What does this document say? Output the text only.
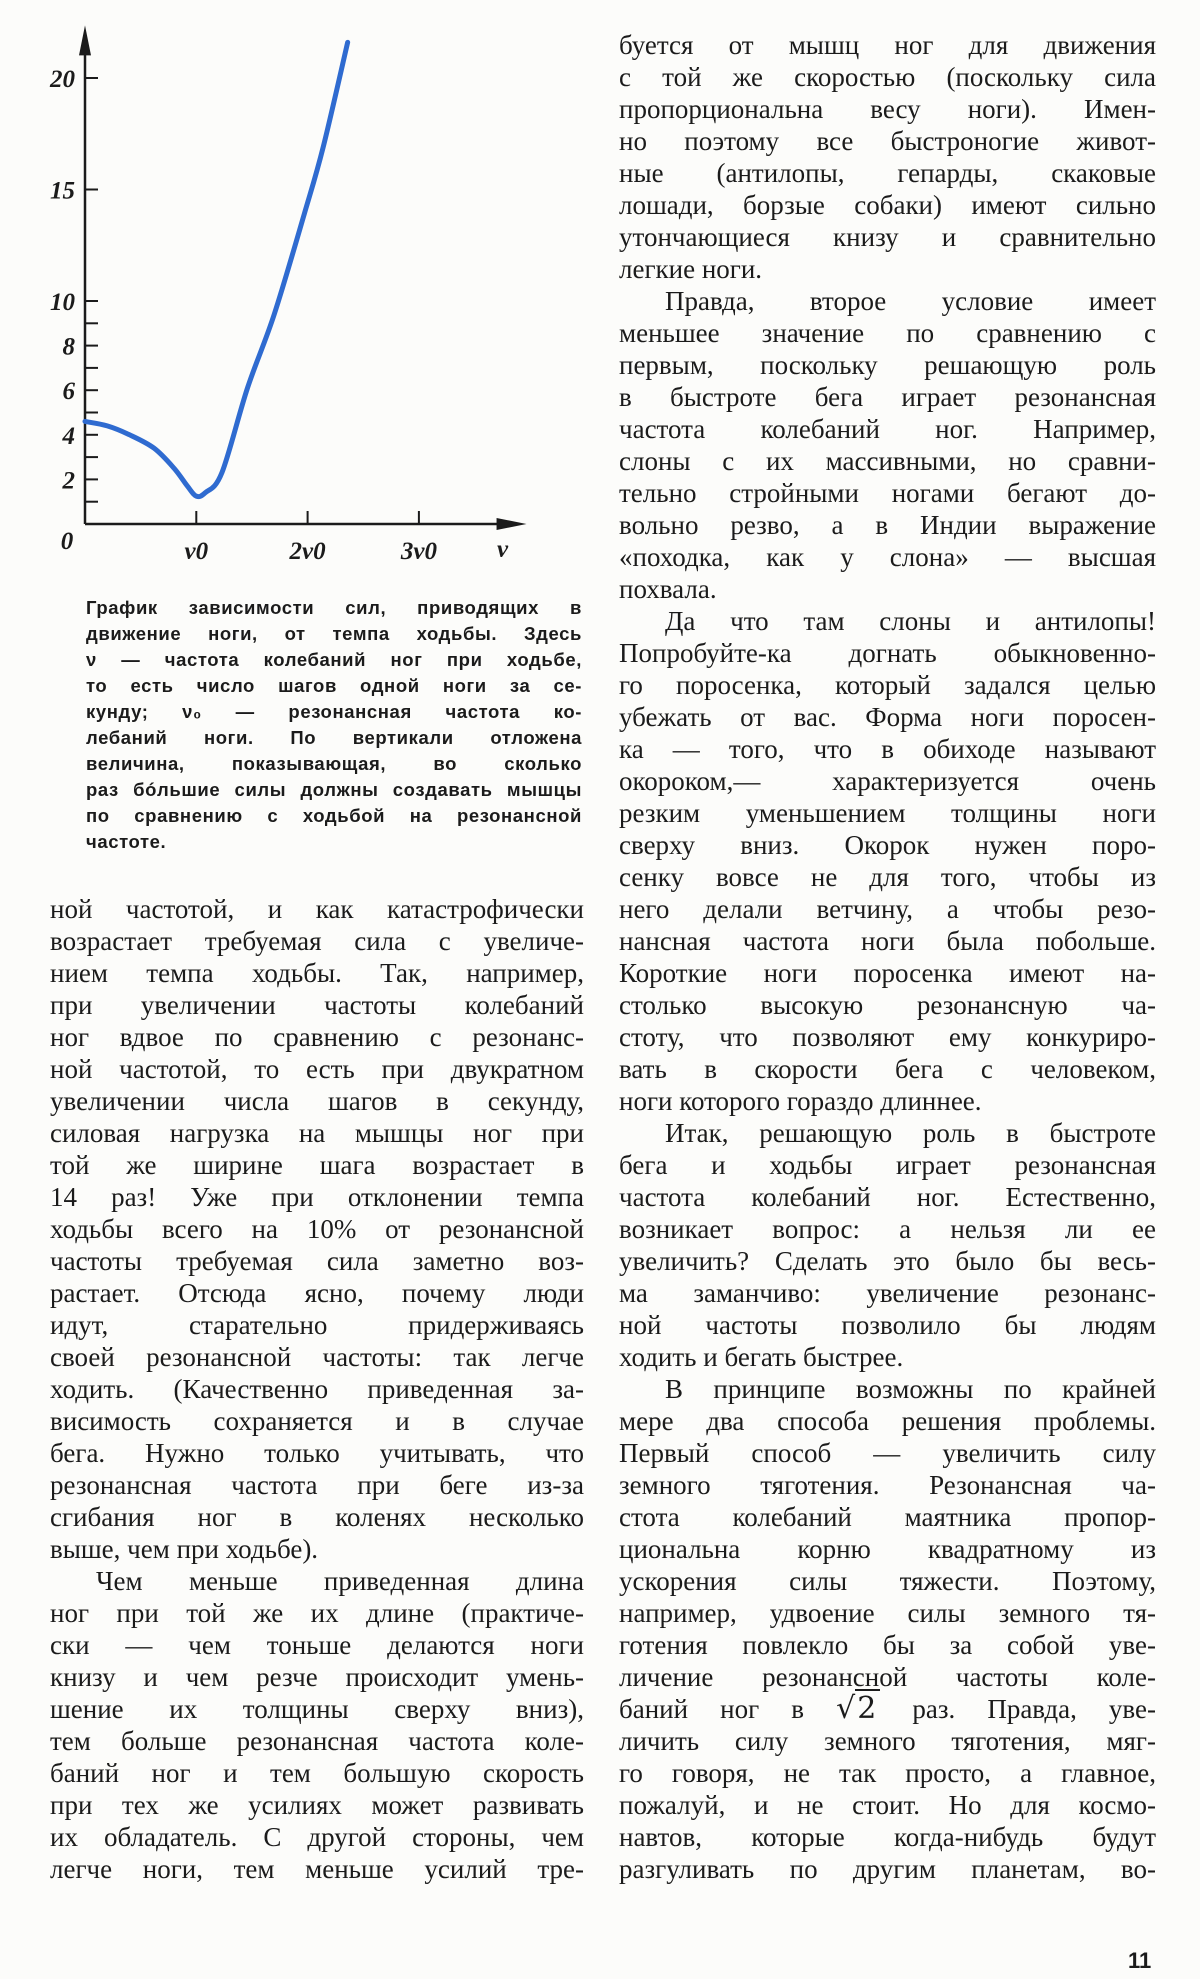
2
4
6
8
10
15
20
0	ν0	2ν0	3ν0 ν
График зависимости сил, приводящих в
движение ноги, от темпа ходьбы. Здесь
ν — частота колебаний ног при ходьбе,
то есть число шагов одной ноги за се-
кунду; ν₀ — резонансная частота ко-
лебаний ноги. По вертикали отложена
величина, показывающая, во сколько
раз бóльшие силы должны создавать мышцы
по сравнению с ходьбой на резонансной
частоте.
ной частотой, и как катастрофически
возрастает требуемая сила с увеличе-
нием темпа ходьбы. Так, например,
при увеличении частоты колебаний
ног вдвое по сравнению с резонанс-
ной частотой, то есть при двукратном
увеличении числа шагов в секунду,
силовая нагрузка на мышцы ног при
той же ширине шага возрастает в
14 раз! Уже при отклонении темпа
ходьбы всего на 10% от резонансной
частоты требуемая сила заметно воз-
растает. Отсюда ясно, почему люди
идут, старательно придерживаясь
своей резонансной частоты: так легче
ходить. (Качественно приведенная за-
висимость сохраняется и в случае
бега. Нужно только учитывать, что
резонансная частота при беге из-за
сгибания ног в коленях несколько
выше, чем при ходьбе).
Чем меньше приведенная длина
ног при той же их длине (практиче-
ски — чем тоньше делаются ноги
книзу и чем резче происходит умень-
шение их толщины сверху вниз),
тем больше резонансная частота коле-
баний ног и тем большую скорость
при тех же усилиях может развивать
их обладатель. С другой стороны, чем
легче ноги, тем меньше усилий тре-
буется от мышц ног для движения
с той же скоростью (поскольку сила
пропорциональна весу ноги). Имен-
но поэтому все быстроногие живот-
ные (антилопы, гепарды, скаковые
лошади, борзые собаки) имеют сильно
утончающиеся книзу и сравнительно
легкие ноги.
Правда, второе условие имеет
меньшее значение по сравнению с
первым, поскольку решающую роль
в быстроте бега играет резонансная
частота колебаний ног. Например,
слоны с их массивными, но сравни-
тельно стройными ногами бегают до-
вольно резво, а в Индии выражение
«походка, как у слона» — высшая
похвала.
Да что там слоны и антилопы!
Попробуйте-ка догнать обыкновенно-
го поросенка, который задался целью
убежать от вас. Форма ноги поросен-
ка — того, что в обиходе называют
окороком,— характеризуется очень
резким уменьшением толщины ноги
сверху вниз. Окорок нужен поро-
сенку вовсе не для того, чтобы из
него делали ветчину, а чтобы резо-
нансная частота ноги была побольше.
Короткие ноги поросенка имеют на-
столько высокую резонансную ча-
стоту, что позволяют ему конкуриро-
вать в скорости бега с человеком,
ноги которого гораздо длиннее.
Итак, решающую роль в быстроте
бега и ходьбы играет резонансная
частота колебаний ног. Естественно,
возникает вопрос: а нельзя ли ее
увеличить? Сделать это было бы весь-
ма заманчиво: увеличение резонанс-
ной частоты позволило бы людям
ходить и бегать быстрее.
В принципе возможны по крайней
мере два способа решения проблемы.
Первый способ — увеличить силу
земного тяготения. Резонансная ча-
стота колебаний маятника пропор-
циональна корню квадратному из
ускорения силы тяжести. Поэтому,
например, удвоение силы земного тя-
готения повлекло бы за собой уве-
личение резонансной частоты коле-
баний ног в √2 раз. Правда, уве-
личить силу земного тяготения, мяг-
го говоря, не так просто, а главное,
пожалуй, и не стоит. Но для космо-
навтов, которые когда-нибудь будут
разгуливать по другим планетам, во-
11
